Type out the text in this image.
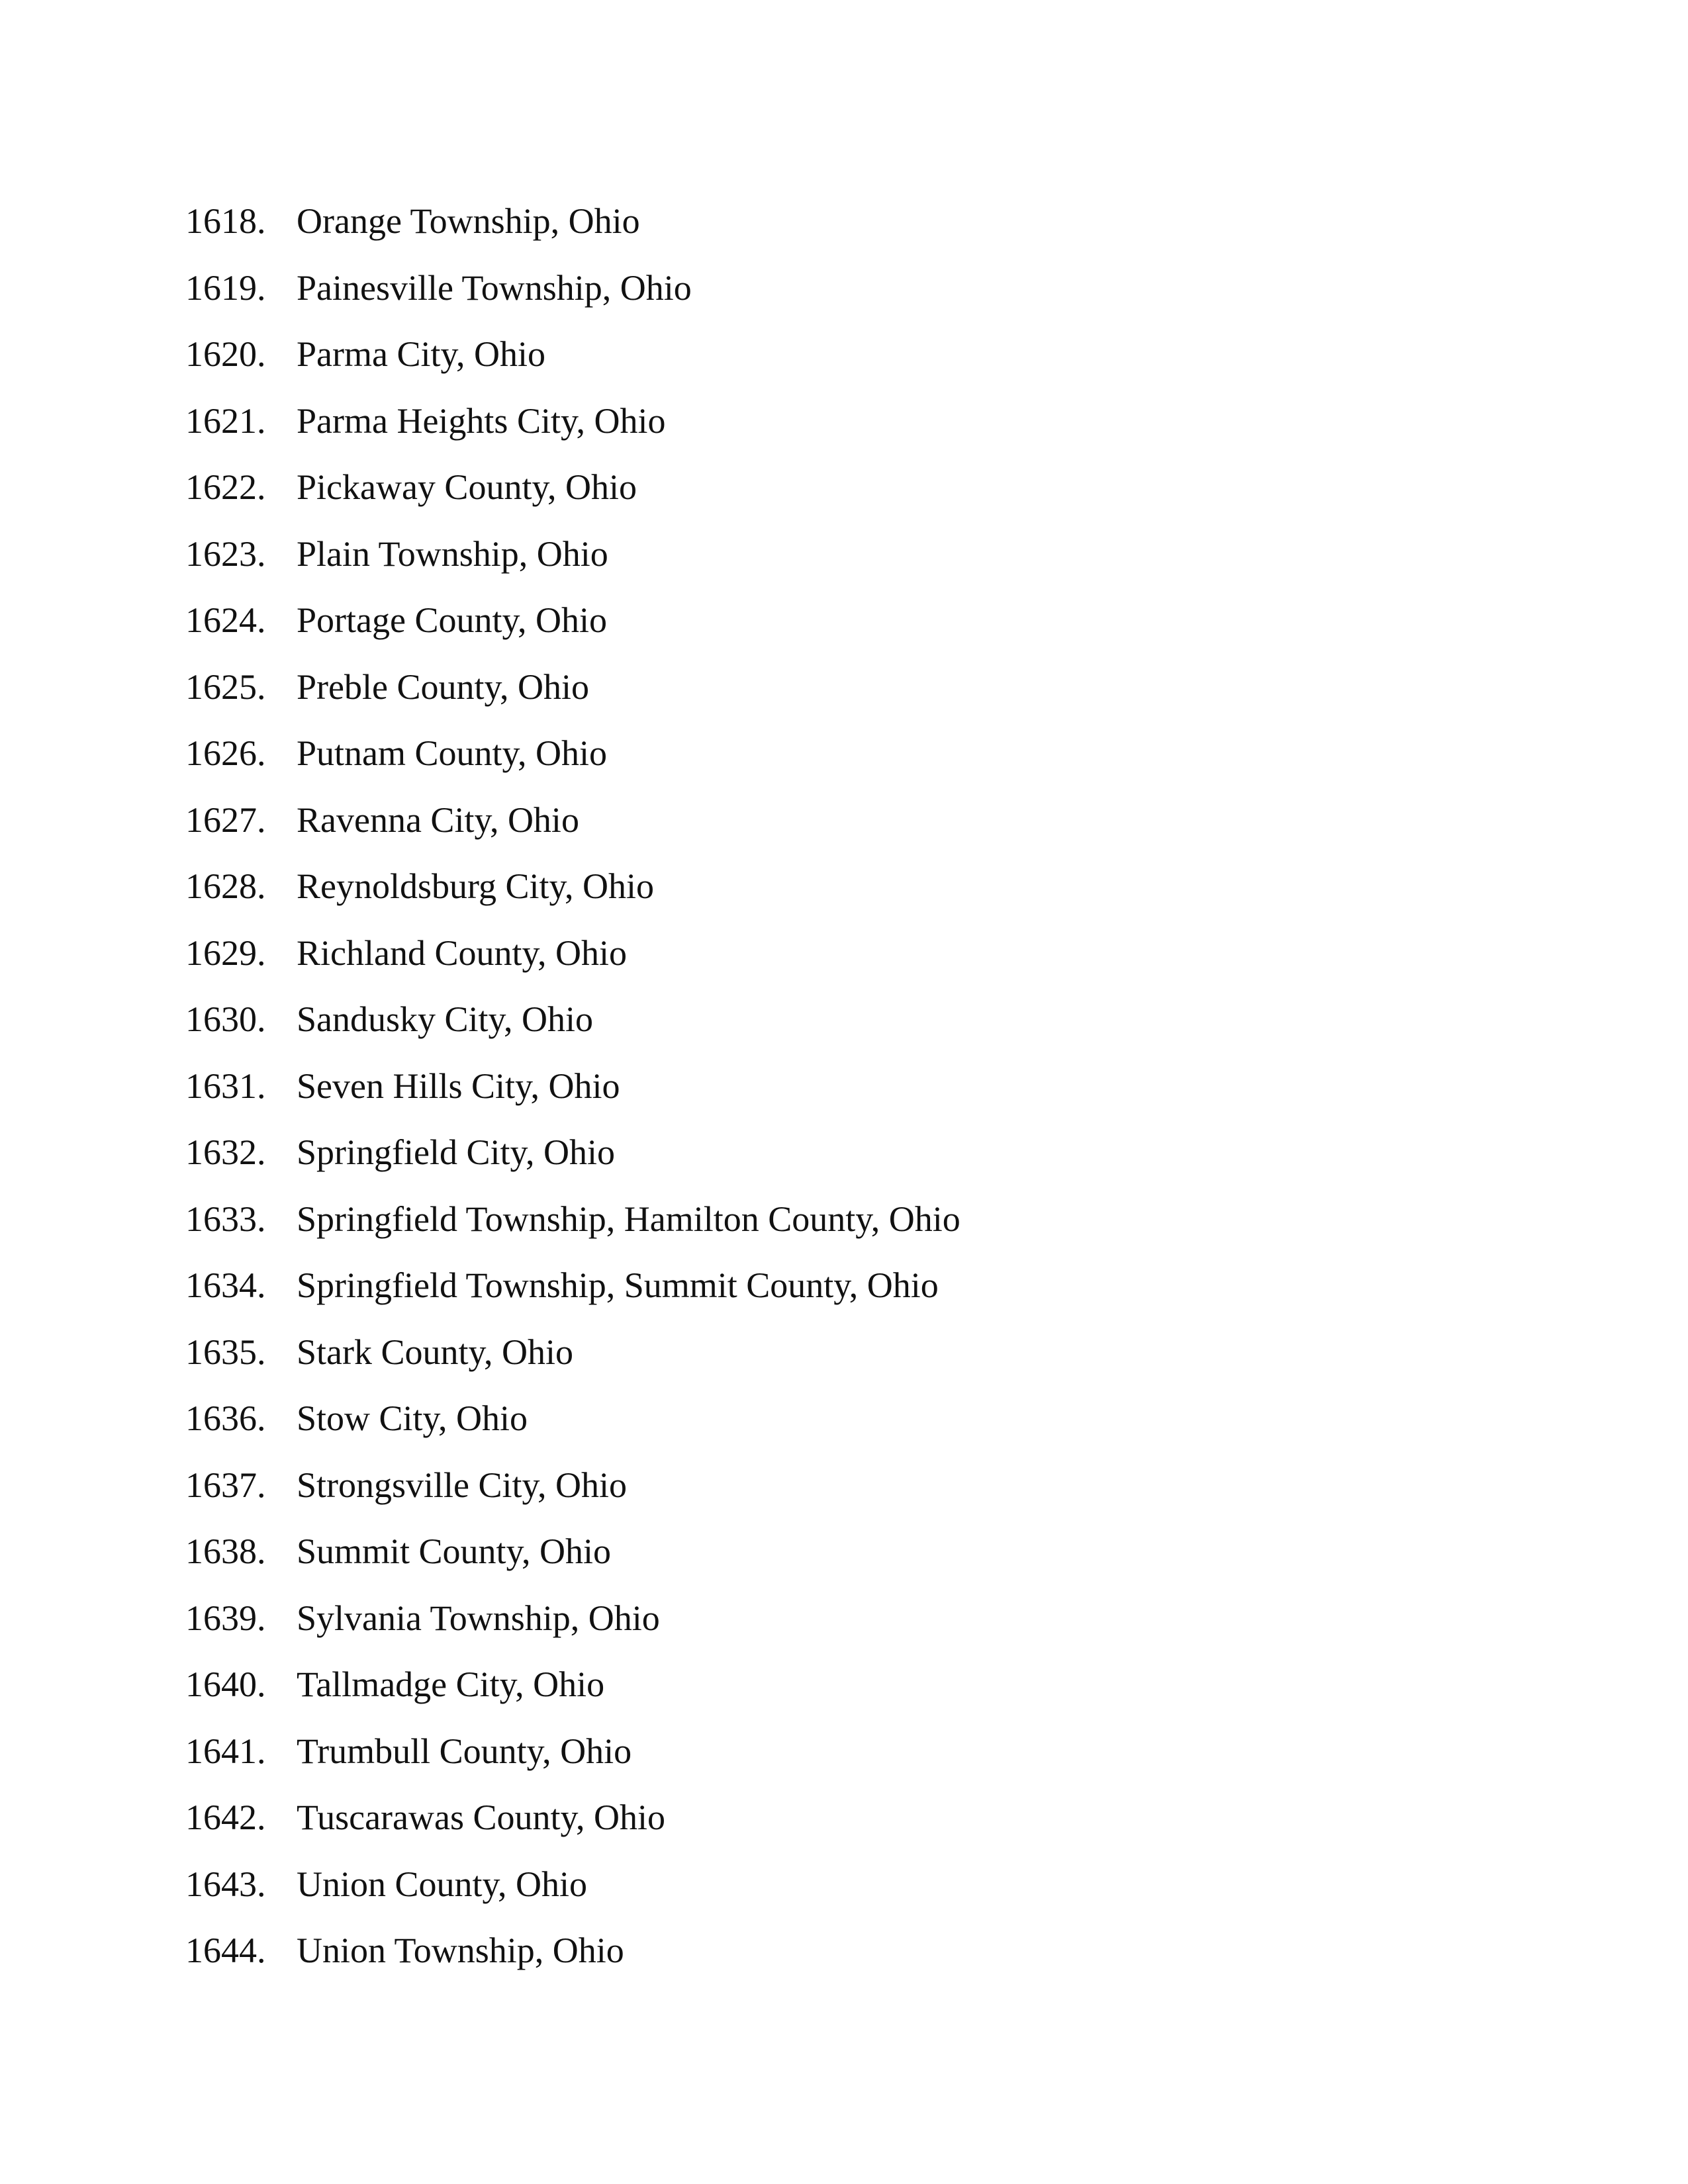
1618. Orange Township, Ohio
1619. Painesville Township, Ohio
1620. Parma City, Ohio
1621. Parma Heights City, Ohio
1622. Pickaway County, Ohio
1623. Plain Township, Ohio
1624. Portage County, Ohio
1625. Preble County, Ohio
1626. Putnam County, Ohio
1627. Ravenna City, Ohio
1628. Reynoldsburg City, Ohio
1629. Richland County, Ohio
1630. Sandusky City, Ohio
1631. Seven Hills City, Ohio
1632. Springfield City, Ohio
1633. Springfield Township, Hamilton County, Ohio
1634. Springfield Township, Summit County, Ohio
1635. Stark County, Ohio
1636. Stow City, Ohio
1637. Strongsville City, Ohio
1638. Summit County, Ohio
1639. Sylvania Township, Ohio
1640. Tallmadge City, Ohio
1641. Trumbull County, Ohio
1642. Tuscarawas County, Ohio
1643. Union County, Ohio
1644. Union Township, Ohio
